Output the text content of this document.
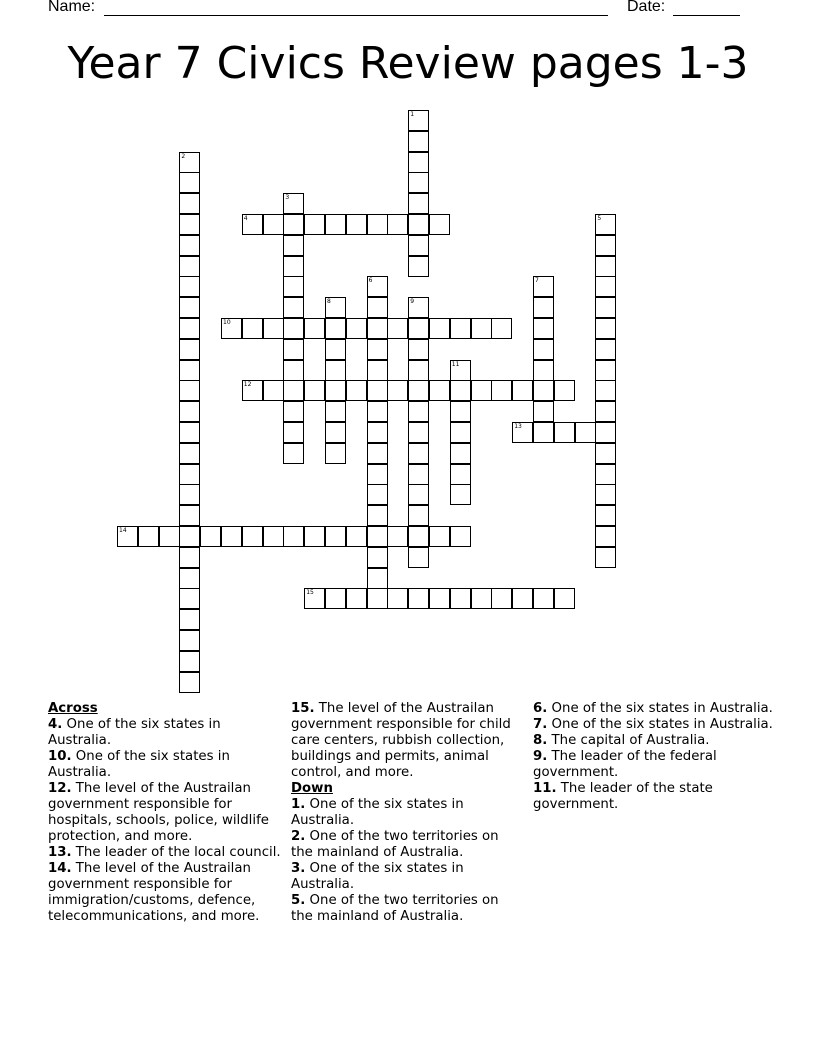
Name:	Date:
Year 7 Civics Review pages 1-3
1
2
3
4	5
6	7
8	9
10
11
12
13
14
15

Across

4. One of the six states in Australia.

10. One of the six states in Australia.

12. The level of the Austrailan government responsible for hospitals, schools, police, wildlife protection, and more.

13. The leader of the local council.

14. The level of the Austrailan government responsible for immigration/customs, defence, telecommunications, and more.

15. The level of the Austrailan government responsible for child care centers, rubbish collection, buildings and permits, animal control, and more.

Down

1. One of the six states in Australia.

2. One of the two territories on the mainland of Australia.

3. One of the six states in Australia.

5. One of the two territories on the mainland of Australia.

6. One of the six states in Australia.

7. One of the six states in Australia.

8. The capital of Australia.

9. The leader of the federal government.

11. The leader of the state government.
